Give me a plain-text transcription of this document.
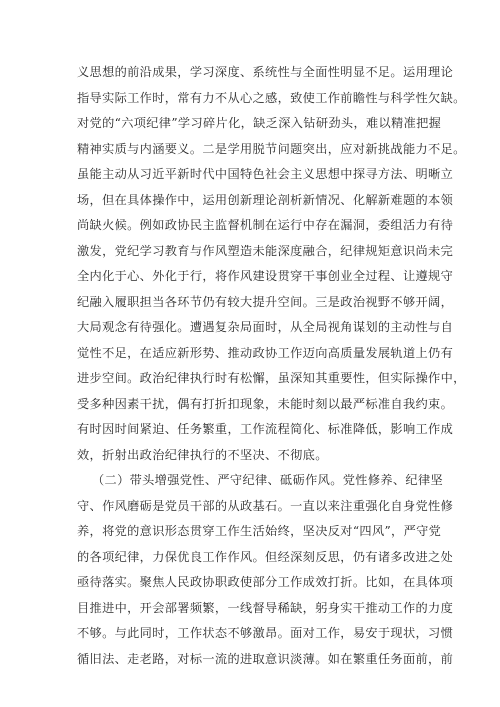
义思想的前沿成果，学习深度、系统性与全面性明显不足。运用理论
指导实际工作时，常有力不从心之感，致使工作前瞻性与科学性欠缺。
对党的“六项纪律”学习碎片化，缺乏深入钻研劲头，难以精准把握
精神实质与内涵要义。二是学用脱节问题突出，应对新挑战能力不足。
虽能主动从习近平新时代中国特色社会主义思想中探寻方法、明晰立
场，但在具体操作中，运用创新理论剖析新情况、化解新难题的本领
尚缺火候。例如政协民主监督机制在运行中存在漏洞，委组活力有待
激发，党纪学习教育与作风塑造未能深度融合，纪律规矩意识尚未完
全内化于心、外化于行，将作风建设贯穿干事创业全过程、让遵规守
纪融入履职担当各环节仍有较大提升空间。三是政治视野不够开阔，
大局观念有待强化。遭遇复杂局面时，从全局视角谋划的主动性与自
觉性不足，在适应新形势、推动政协工作迈向高质量发展轨道上仍有
进步空间。政治纪律执行时有松懈，虽深知其重要性，但实际操作中，
受多种因素干扰，偶有打折扣现象，未能时刻以最严标准自我约束。
有时因时间紧迫、任务繁重，工作流程简化、标准降低，影响工作成
效，折射出政治纪律执行的不坚决、不彻底。
（二）带头增强党性、严守纪律、砥砺作风。党性修养、纪律坚
守、作风磨砺是党员干部的从政基石。一直以来注重强化自身党性修
养，将党的意识形态贯穿工作生活始终，坚决反对“四风”，严守党
的各项纪律，力保优良工作作风。但经深刻反思，仍有诸多改进之处
亟待落实。聚焦人民政协职政使部分工作成效打折。比如，在具体项
目推进中，开会部署频繁，一线督导稀缺，躬身实干推动工作的力度
不够。与此同时，工作状态不够激昂。面对工作，易安于现状，习惯
循旧法、走老路，对标一流的进取意识淡薄。如在繁重任务面前，前
